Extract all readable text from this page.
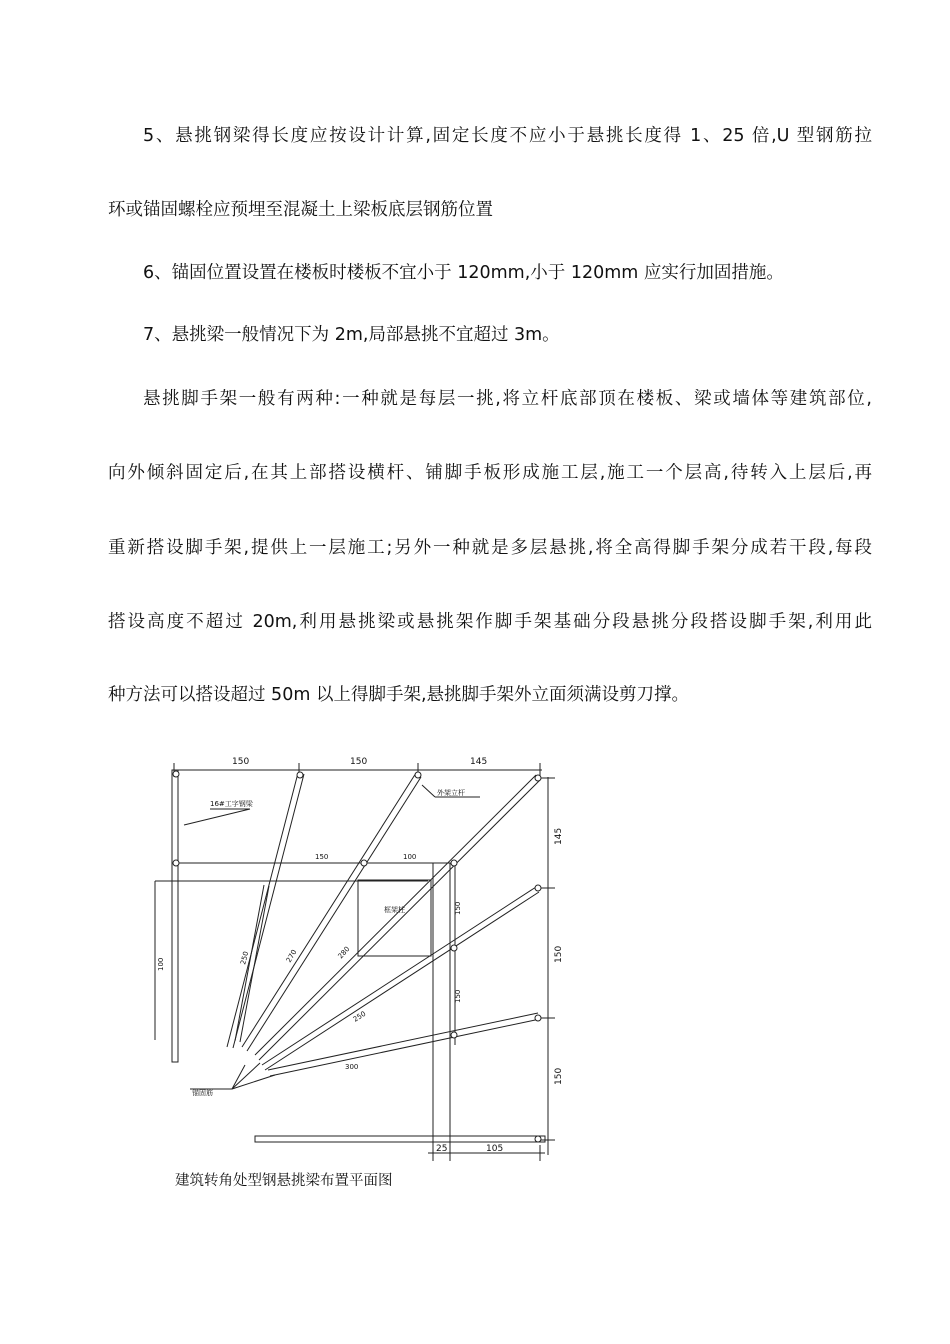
5、悬挑钢梁得长度应按设计计算,固定长度不应小于悬挑长度得 1、25 倍,U 型钢筋拉

环或锚固螺栓应预埋至混凝土上梁板底层钢筋位置

6、锚固位置设置在楼板时楼板不宜小于 120mm,小于 120mm 应实行加固措施。

7、悬挑梁一般情况下为 2m,局部悬挑不宜超过 3m。

悬挑脚手架一般有两种:一种就是每层一挑,将立杆底部顶在楼板、梁或墙体等建筑部位,

向外倾斜固定后,在其上部搭设横杆、铺脚手板形成施工层,施工一个层高,待转入上层后,再

重新搭设脚手架,提供上一层施工;另外一种就是多层悬挑,将全高得脚手架分成若干段,每段

搭设高度不超过 20m,利用悬挑梁或悬挑架作脚手架基础分段悬挑分段搭设脚手架,利用此

种方法可以搭设超过 50m 以上得脚手架,悬挑脚手架外立面须满设剪刀撑。

150	150	145
145
150
150
25	105
150	100
150
150
100
300
250	270	280
250
16#工字钢梁
外架立杆
框架柱
锚固筋
建筑转角处型钢悬挑梁布置平面图
